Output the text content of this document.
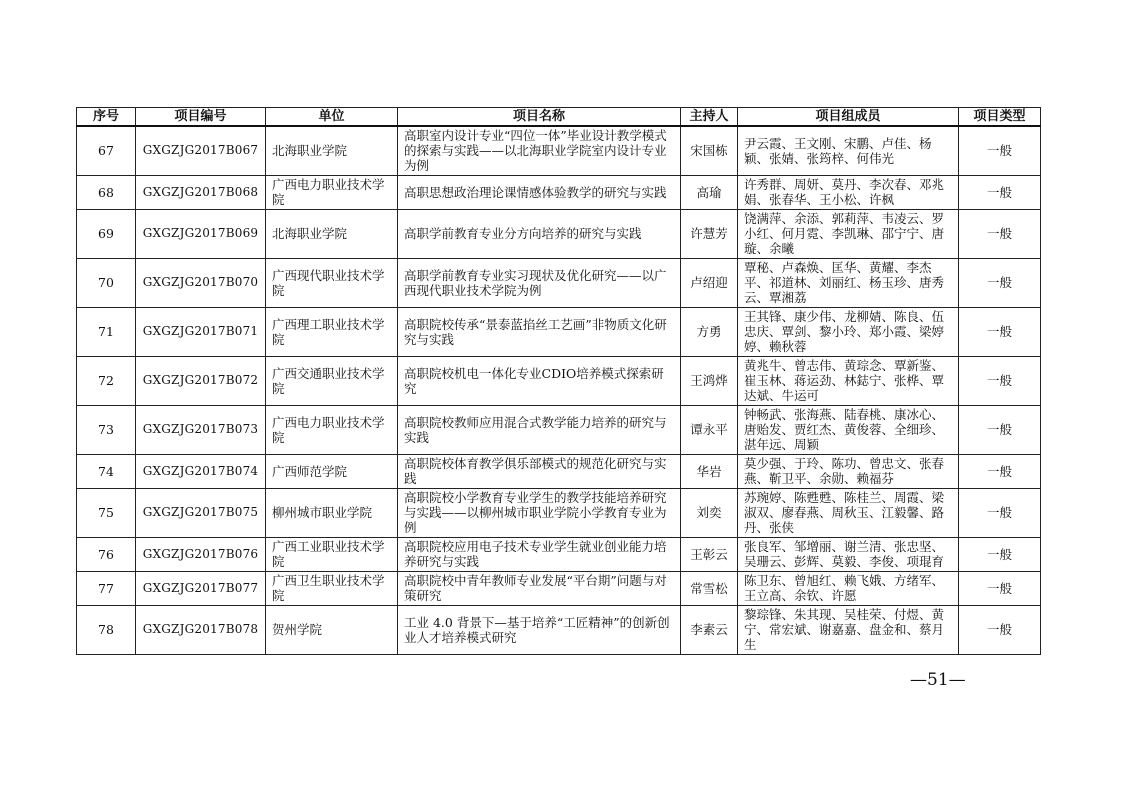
序号	项目编号	单位	项目名称	主持人	项目组成员	项目类型
67	GXGZJG2017B067	北海职业学院	高职室内设计专业“四位一体”毕业设计教学模式的探索与实践——以北海职业学院室内设计专业为例	宋国栋	尹云霞、王文刚、宋鹏、卢佳、杨颖、张婧、张筠梓、何伟光	一般
68	GXGZJG2017B068	广西电力职业技术学院	高职思想政治理论课情感体验教学的研究与实践	高瑜	许秀群、周妍、莫丹、李次春、邓兆娟、张春华、王小松、许枫	一般
69	GXGZJG2017B069	北海职业学院	高职学前教育专业分方向培养的研究与实践	许慧芳	饶满萍、余添、郭莉萍、韦凌云、罗小红、何月霓、李凯琳、邵宁宁、唐璇、余曦	一般
70	GXGZJG2017B070	广西现代职业技术学院	高职学前教育专业实习现状及优化研究——以广西现代职业技术学院为例	卢绍迎	覃秘、卢森焕、匡华、黄耀、李杰平、祁道林、刘丽红、杨玉珍、唐秀云、覃湘荔	一般
71	GXGZJG2017B071	广西理工职业技术学院	高职院校传承“景泰蓝掐丝工艺画”非物质文化研究与实践	方勇	王其锋、康少伟、龙柳婧、陈良、伍忠庆、覃剑、黎小玲、郑小霞、梁婷婷、赖秋蓉	一般
72	GXGZJG2017B072	广西交通职业技术学院	高职院校机电一体化专业CDIO培养模式探索研究	王鸿烨	黄兆牛、曾志伟、黄琮念、覃新鉴、崔玉林、蒋运劲、林鋕宁、张桦、覃达斌、牛运可	一般
73	GXGZJG2017B073	广西电力职业技术学院	高职院校教师应用混合式教学能力培养的研究与实践	谭永平	钟畅武、张海燕、陆春桃、康冰心、唐贻发、贾红杰、黄俊蓉、全细珍、湛年远、周颖	一般
74	GXGZJG2017B074	广西师范学院	高职院校体育教学俱乐部模式的规范化研究与实践	华岩	莫少强、于玲、陈功、曾忠文、张春燕、靳卫平、余勋、赖福芬	一般
75	GXGZJG2017B075	柳州城市职业学院	高职院校小学教育专业学生的教学技能培养研究与实践——以柳州城市职业学院小学教育专业为例	刘奕	苏琬婷、陈甦甦、陈桂兰、周霞、梁淑双、廖春燕、周秋玉、江毅馨、路丹、张侠	一般
76	GXGZJG2017B076	广西工业职业技术学院	高职院校应用电子技术专业学生就业创业能力培养研究与实践	王彰云	张良军、邹增丽、谢兰清、张忠坚、吴珊云、彭辉、莫毅、李俊、项琨育	一般
77	GXGZJG2017B077	广西卫生职业技术学院	高职院校中青年教师专业发展“平台期”问题与对策研究	常雪松	陈卫东、曾旭红、赖飞娥、方绪军、王立高、余钦、许愿	一般
78	GXGZJG2017B078	贺州学院	工业 4.0 背景下—基于培养“工匠精神”的创新创业人才培养模式研究	李素云	黎琮锋、朱其现、吴桂荣、付煜、黄宁、常宏斌、谢嘉嘉、盘金和、蔡月生	一般
—51—
